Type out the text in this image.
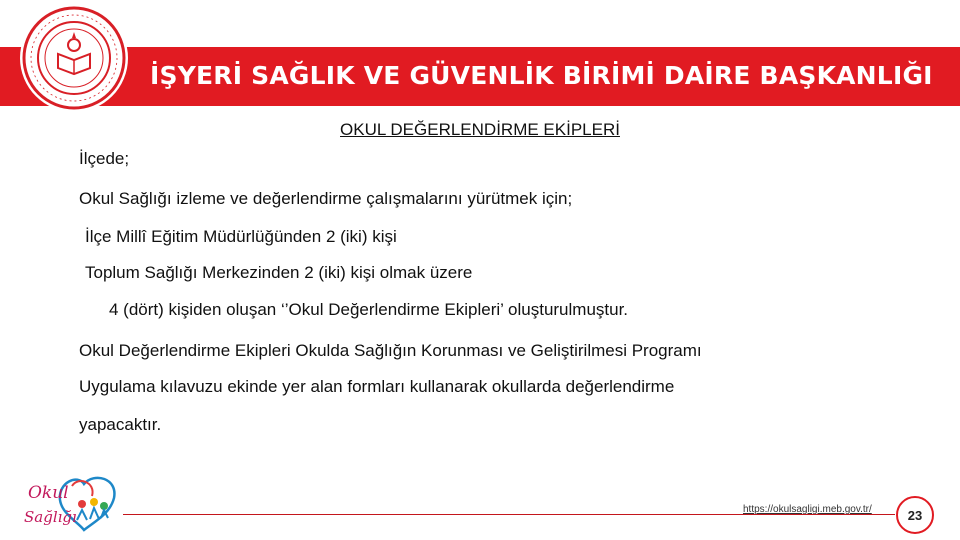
İŞYERİ SAĞLIK VE GÜVENLİK BİRİMİ DAİRE BAŞKANLIĞI
OKUL DEĞERLENDİRME EKİPLERİ
İlçede;
Okul Sağlığı izleme ve değerlendirme çalışmalarını yürütmek için;
İlçe Millî Eğitim Müdürlüğünden 2 (iki) kişi
Toplum Sağlığı Merkezinden 2 (iki) kişi olmak üzere
4 (dört) kişiden oluşan ‘’Okul Değerlendirme Ekipleri’ oluşturulmuştur.
Okul Değerlendirme Ekipleri Okulda Sağlığın Korunması ve Geliştirilmesi Programı
Uygulama kılavuzu ekinde yer alan formları kullanarak okullarda değerlendirme
yapacaktır.
Okul
Sağlığı	https://okulsagligi.meb.gov.tr/	23
